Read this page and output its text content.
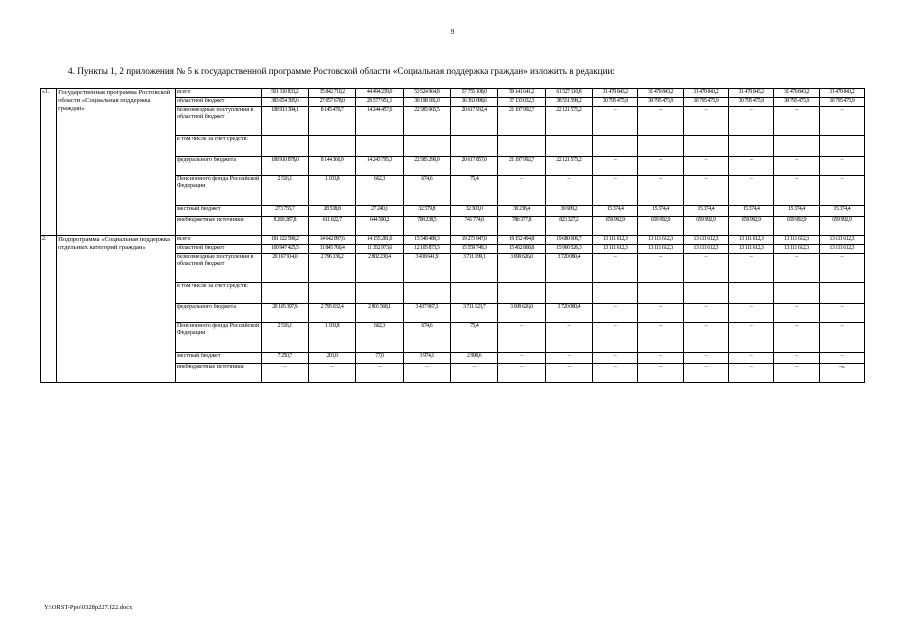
9
4. Пункты 1, 2 приложения № 5 к государственной программе Ростовской области «Социальная поддержка граждан» изложить в редакции:
«1.	Государственная программа Ростовской области «Социальная поддержка граждан»	всего	501 110 833,2	35 842 710,2	44 494 239,0	53 524 964,8	57 755 108,0	59 141 641,2	61 527 110,8	31 470 843,2	31 470 843,2	31 470 843,2	31 470 843,2	31 470 843,2	31 470 843,2
		областной бюджет	383 654 395,6	27 057 678,0	29 577 951,1	30 198 181,0	36 363 098,6	37 133 032,3	38 551 599,2	30 795 475,9	30 795 475,9	30 795 475,9	30 795 475,9	30 795 475,9	30 795 475,9
		безвозмездные поступления в областной бюджет	108 913 394,1	8 145 470,7	14 244 457,6	22 585 965,5	20 617 932,4	21 197 992,7	22 121 575,2	–	–	–	–	–	–
		в том числе за счет средств:													
		федерального бюджета	108 910 878,0	8 144 366,9	14 243 795,3	22 585 290,9	20 617 857,0	21 197 992,7	22 121 575,2	–	–	–	–	–	–
		Пенсионного фонда Российской Федерации	2 516,1	1 103,8	662,3	674,6	75,4	–	–	–	–	–	–	–	–
		местный бюджет	273 755,7	28 538,8	27 240,1	32 579,8	32 303,0	30 238,4	30 609,2	15 374,4	15 374,4	15 374,4	15 374,4	15 374,4	15 374,4
		внебюджетные источники	8 269 287,8	611 022,7	644 590,2	708 238,5	741 774,0	780 377,8	823 327,2	659 992,9	659 992,9	659 992,9	659 992,9	659 992,9	659 992,9
2.	Подпрограмма «Социальная поддержка отдельных категорий граждан»	всего	181 122 590,2	14 642 097,6	14 155 281,0	15 548 489,3	19 273 947,0	19 152 494,8	19 680 606,7	13 111 612,3	13 111 612,3	13 111 612,3	13 111 612,3	13 111 612,3	13 111 612,3
		областной бюджет	160 947 425,5	11 845 760,4	11 352 973,6	12 105 873,3	15 559 749,3	15 452 868,8	15 960 526,3	13 111 612,3	13 111 612,3	13 111 612,3	13 111 612,3	13 111 612,3	13 111 612,3
		безвозмездные поступления в областной бюджет	20 167 914,0	2 796 136,2	2 802 230,4	3 438 641,9	3 711 199,1	3 699 626,0	3 720 080,4	–	–	–	–	–	–
		в том числе за счет средств:													
		федерального бюджета	20 165 397,9	2 795 032,4	2 801 568,1	3 437 967,3	3 711 123,7	3 699 626,0	3 720 080,4	–	–	–	–	–	–
		Пенсионного фонда Российской Федерации	2 516,1	1 103,8	662,3	674,6	75,4	–	–	–	–	–	–	–	–
		местный бюджет	7 250,7	201,0	77,0	3 974,1	2 998,6	–	–	–	–	–	–	–	–
		внебюджетные источники	–	–	–	–	–	–	–	–	–	–	–	–	–».
Y:\ORST-Ppo\0328p227.f22.docx
